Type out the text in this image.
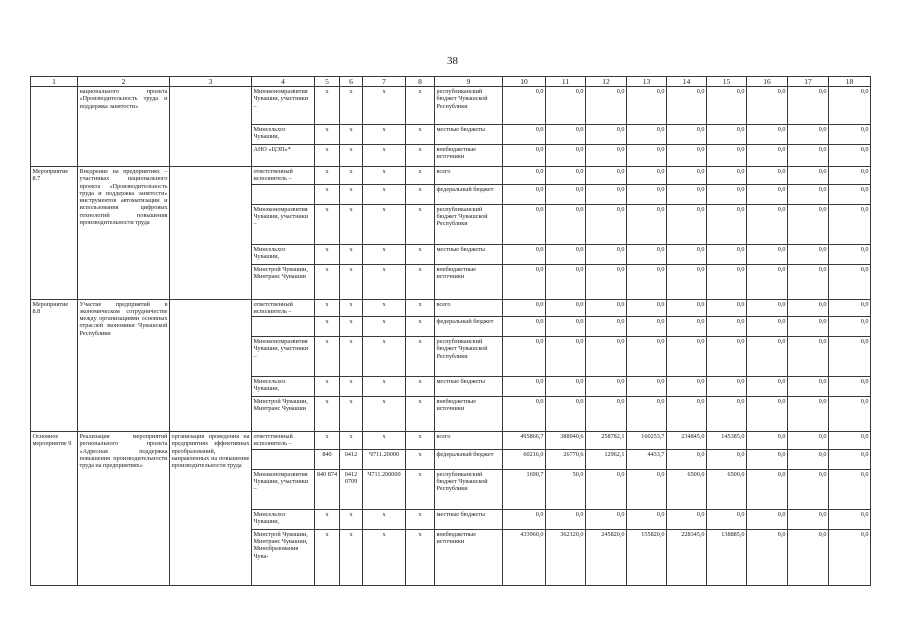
38
1	2	3	4	5	6	7	8	9	10	11	12	13	14	15	16	17	18
	национального проекта «Производительность труда и поддержка занятости»		Минэкономразвития Чувашии, участники –	x	x	x	x	республиканский бюджет Чувашской Республики	0,0	0,0	0,0	0,0	0,0	0,0	0,0	0,0	0,0
			Минсельхоз Чувашии,	x	x	x	x	местные бюджеты	0,0	0,0	0,0	0,0	0,0	0,0	0,0	0,0	0,0
			АНО «ЦЭП»*	x	x	x	x	внебюджетные источники	0,0	0,0	0,0	0,0	0,0	0,0	0,0	0,0	0,0
Мероприятие 8.7	Внедрение на предприятиях – участниках национального проекта «Производительность труда и поддержка занятости» инструментов автоматизации и использования цифровых технологий повышения производительности труда		ответственный исполнитель –	x	x	x	x	всего	0,0	0,0	0,0	0,0	0,0	0,0	0,0	0,0	0,0
				x	x	x	x	федеральный бюджет	0,0	0,0	0,0	0,0	0,0	0,0	0,0	0,0	0,0
			Минэкономразвития Чувашии, участники –	x	x	x	x	республиканский бюджет Чувашской Республики	0,0	0,0	0,0	0,0	0,0	0,0	0,0	0,0	0,0
			Минсельхоз Чувашии,	x	x	x	x	местные бюджеты	0,0	0,0	0,0	0,0	0,0	0,0	0,0	0,0	0,0
			Минстрой Чувашии, Минтранс Чувашии	x	x	x	x	внебюджетные источники	0,0	0,0	0,0	0,0	0,0	0,0	0,0	0,0	0,0
Мероприятие 8.8	Участие предприятий в экономическом сотрудничестве между организациями основных отраслей экономики Чувашской Республики		ответственный исполнитель –	x	x	x	x	всего	0,0	0,0	0,0	0,0	0,0	0,0	0,0	0,0	0,0
				x	x	x	x	федеральный бюджет	0,0	0,0	0,0	0,0	0,0	0,0	0,0	0,0	0,0
			Минэкономразвития Чувашии, участники –	x	x	x	x	республиканский бюджет Чувашской Республики	0,0	0,0	0,0	0,0	0,0	0,0	0,0	0,0	0,0
			Минсельхоз Чувашии,	x	x	x	x	местные бюджеты	0,0	0,0	0,0	0,0	0,0	0,0	0,0	0,0	0,0
			Минстрой Чувашии, Минтранс Чувашии	x	x	x	x	внебюджетные источники	0,0	0,0	0,0	0,0	0,0	0,0	0,0	0,0	0,0
Основное мероприятие 9	Реализация мероприятий регионального проекта «Адресная поддержка повышения производительности труда на предприятиях»	организация проведения на предприятиях эффективных преобразований, направленных на повышение производительности труда	ответственный исполнитель –	x	x	x	x	всего	495866,7	388940,6	258782,1	160253,7	234845,0	145385,0	0,0	0,0	0,0
				840	0412	Ч711.20000	x	федеральный бюджет	60216,0	26770,6	12962,1	4433,7	0,0	0,0	0,0	0,0	0,0
			Минэкономразвития Чувашии, участники –	840 874	0412 0709	Ч711.200000	x	республиканский бюджет Чувашской Республики	1690,7	50,0	0,0	0,0	6500,0	6500,0	0,0	0,0	0,0
			Минсельхоз Чувашии,	x	x	x	x	местные бюджеты	0,0	0,0	0,0	0,0	0,0	0,0	0,0	0,0	0,0
			Минстрой Чувашии, Минтранс Чувашии, Минобразования Чува-	x	x	x	x	внебюджетные источники	433960,0	362120,0	245820,0	155820,0	228345,0	138885,0	0,0	0,0	0,0
